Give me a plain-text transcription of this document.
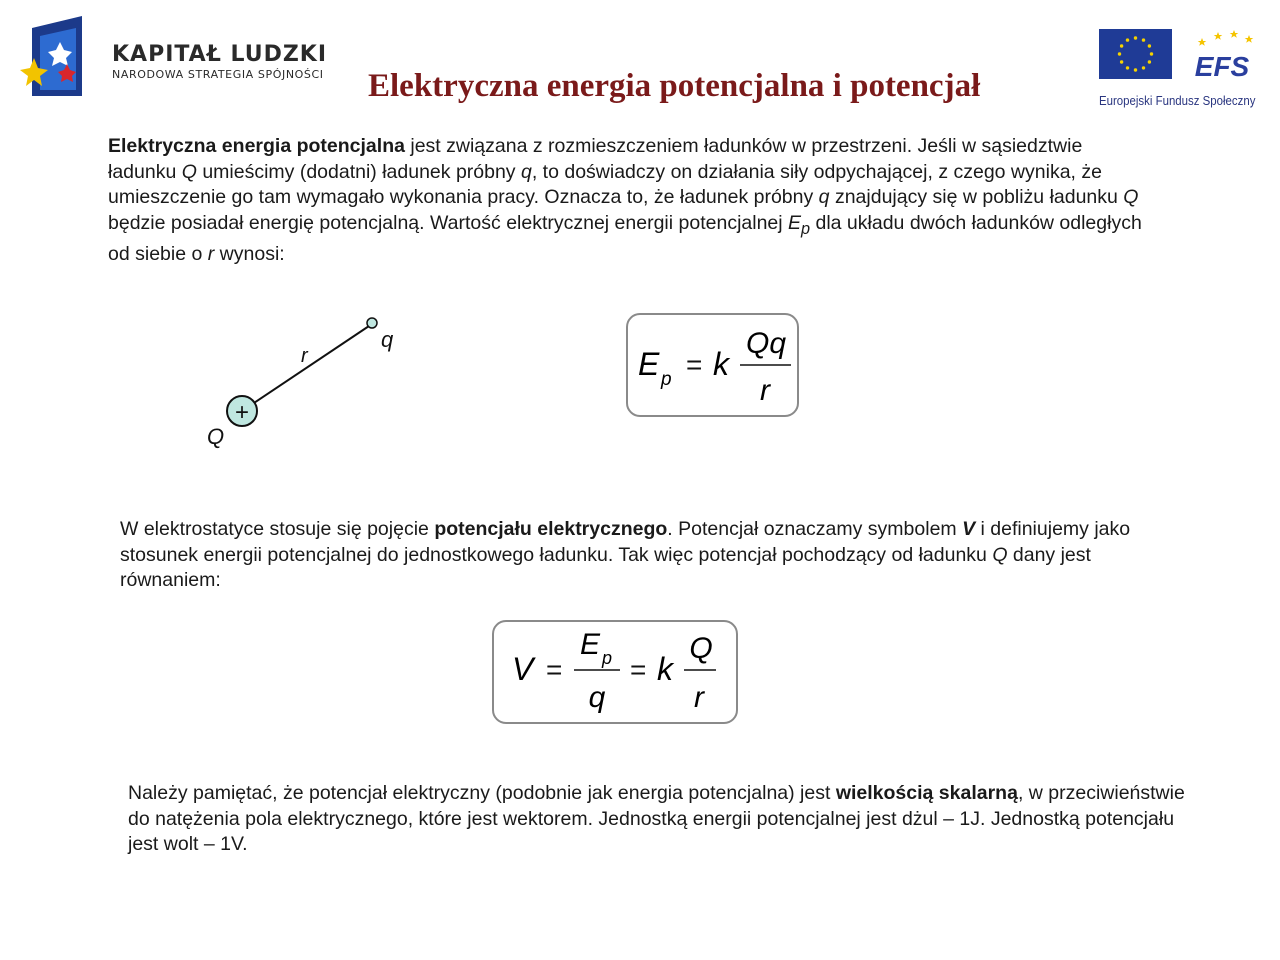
KAPITAŁ LUDZKI
NARODOWA STRATEGIA SPÓJNOŚCI	EFS
Europejski Fundusz Społeczny
Elektryczna energia potencjalna i potencjał
Elektryczna energia potencjalna jest związana z rozmieszczeniem ładunków w przestrzeni. Jeśli w sąsiedztwie ładunku Q umieścimy (dodatni) ładunek próbny q, to doświadczy on działania siły odpychającej, z czego wynika, że umieszczenie go tam wymagało wykonania pracy. Oznacza to, że ładunek próbny q znajdujący się w pobliżu ładunku Q będzie posiadał energię potencjalną. Wartość elektrycznej energii potencjalnej $E_p$ dla układu dwóch ładunków odległych od siebie o r wynosi:
+
q
r
Q
E p = k
Qq
r
W elektrostatyce stosuje się pojęcie potencjału elektrycznego. Potencjał oznaczamy symbolem V i definiujemy jako stosunek energii potencjalnej do jednostkowego ładunku. Tak więc potencjał pochodzący od ładunku Q dany jest równaniem:
V =
E p
q
= k
Q
r
Należy pamiętać, że potencjał elektryczny (podobnie jak energia potencjalna) jest wielkością skalarną, w przeciwieństwie do natężenia pola elektrycznego, które jest wektorem. Jednostką energii potencjalnej jest dżul – 1J. Jednostką potencjału jest wolt – 1V.
